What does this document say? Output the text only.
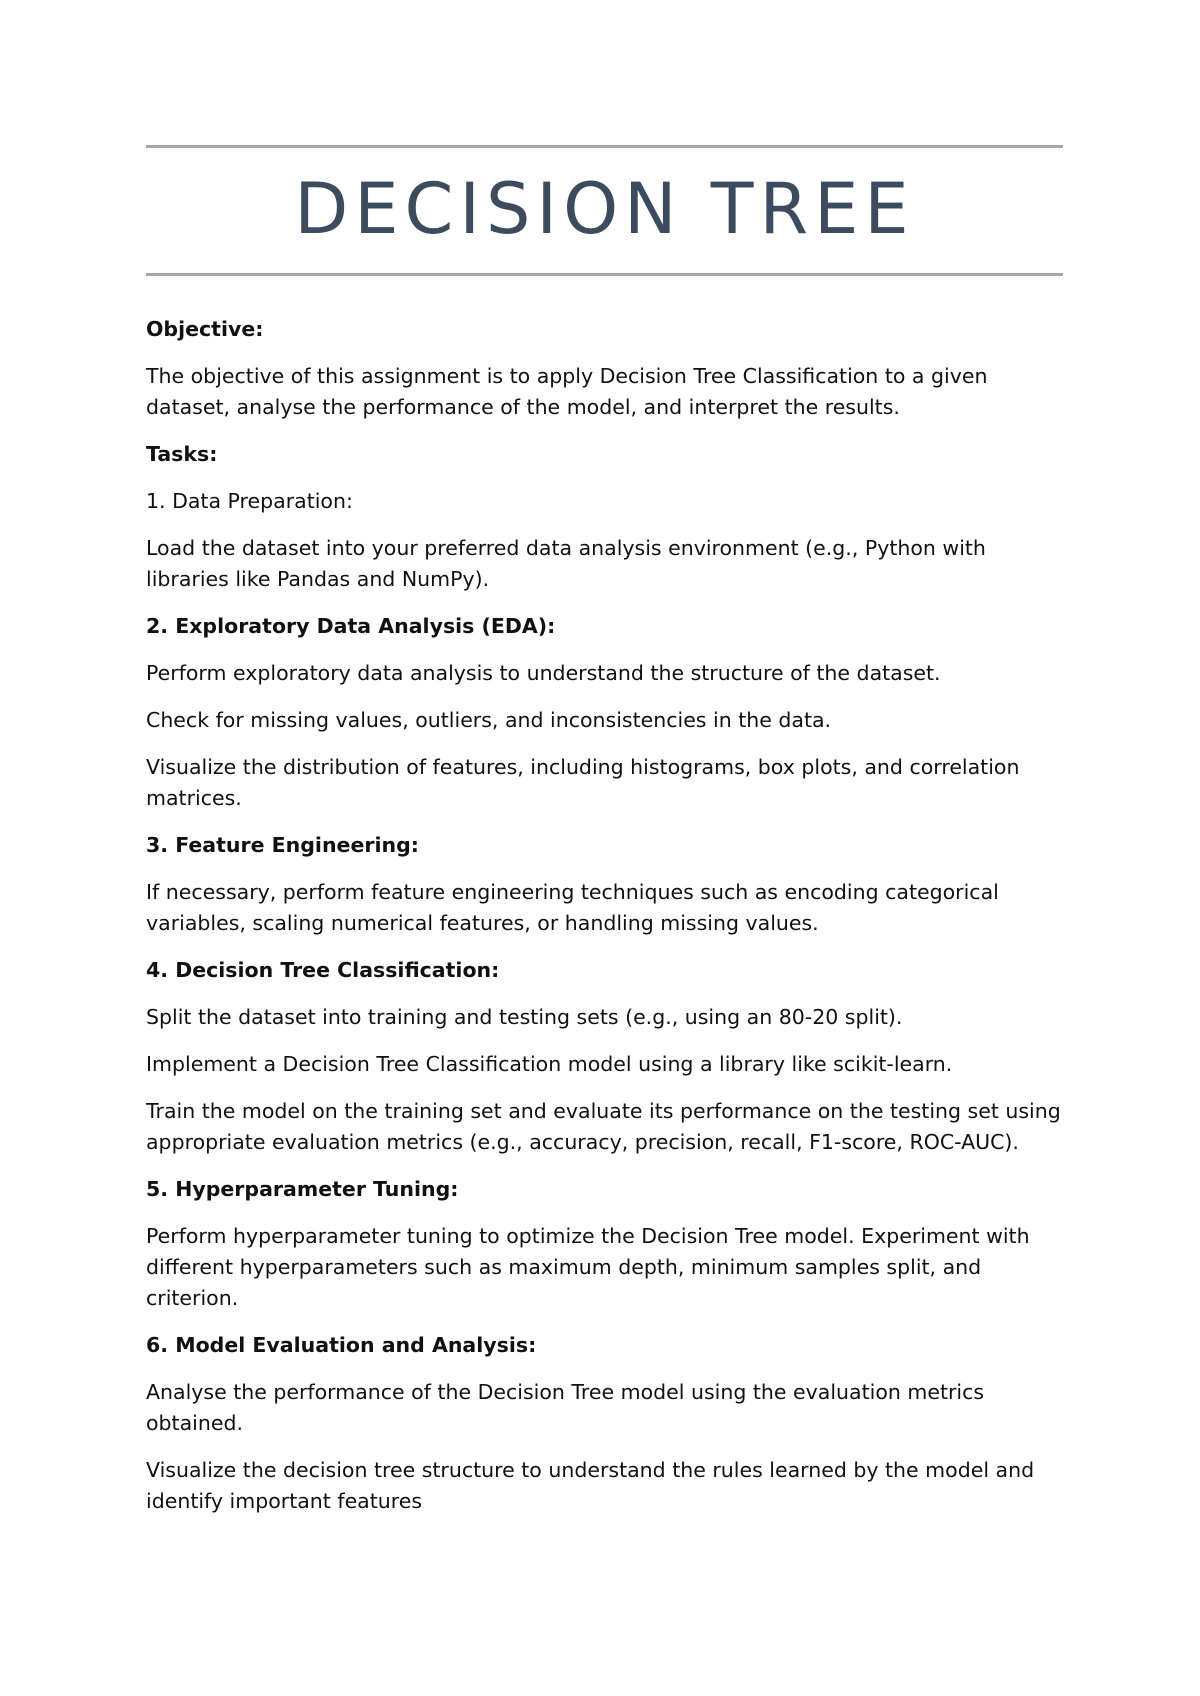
DECISION TREE
Objective:
The objective of this assignment is to apply Decision Tree Classification to a given dataset, analyse the performance of the model, and interpret the results.
Tasks:
1. Data Preparation:
Load the dataset into your preferred data analysis environment (e.g., Python with libraries like Pandas and NumPy).
2. Exploratory Data Analysis (EDA):
Perform exploratory data analysis to understand the structure of the dataset.
Check for missing values, outliers, and inconsistencies in the data.
Visualize the distribution of features, including histograms, box plots, and correlation matrices.
3. Feature Engineering:
If necessary, perform feature engineering techniques such as encoding categorical variables, scaling numerical features, or handling missing values.
4. Decision Tree Classification:
Split the dataset into training and testing sets (e.g., using an 80-20 split).
Implement a Decision Tree Classification model using a library like scikit-learn.
Train the model on the training set and evaluate its performance on the testing set using appropriate evaluation metrics (e.g., accuracy, precision, recall, F1-score, ROC-AUC).
5. Hyperparameter Tuning:
Perform hyperparameter tuning to optimize the Decision Tree model. Experiment with different hyperparameters such as maximum depth, minimum samples split, and criterion.
6. Model Evaluation and Analysis:
Analyse the performance of the Decision Tree model using the evaluation metrics obtained.
Visualize the decision tree structure to understand the rules learned by the model and identify important features
